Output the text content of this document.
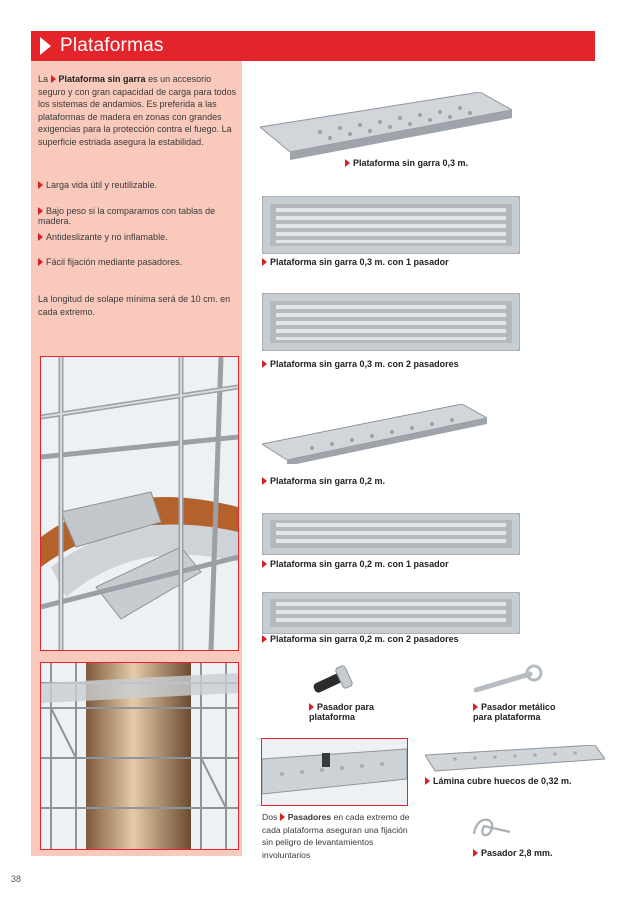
Plataformas
La Plataforma sin garra es un accesorio seguro y con gran capacidad de carga para todos los sistemas de andamios. Es preferida a las plataformas de madera en zonas con grandes exigencias para la protección contra el fuego. La superficie estriada asegura la estabilidad.
Larga vida útil y reutilizable.
Bajo peso si la comparamos con tablas de madera.
Antideslizante y no inflamable.
Fácil fijación mediante pasadores.
La longitud de solape mínima será de 10 cm. en cada extremo.
Plataforma sin garra 0,3 m.
Plataforma sin garra 0,3 m. con 1 pasador
Plataforma sin garra 0,3 m. con 2 pasadores
Plataforma sin garra 0,2 m.
Plataforma sin garra 0,2 m. con 1 pasador
Plataforma sin garra 0,2 m. con 2 pasadores
Pasador para
plataforma
Pasador metálico
para plataforma
Lámina cubre huecos de 0,32 m.
Dos Pasadores en cada extremo de cada plataforma aseguran una fijación sin peligro de levantamientos involuntarios	Pasador 2,8 mm.
38
